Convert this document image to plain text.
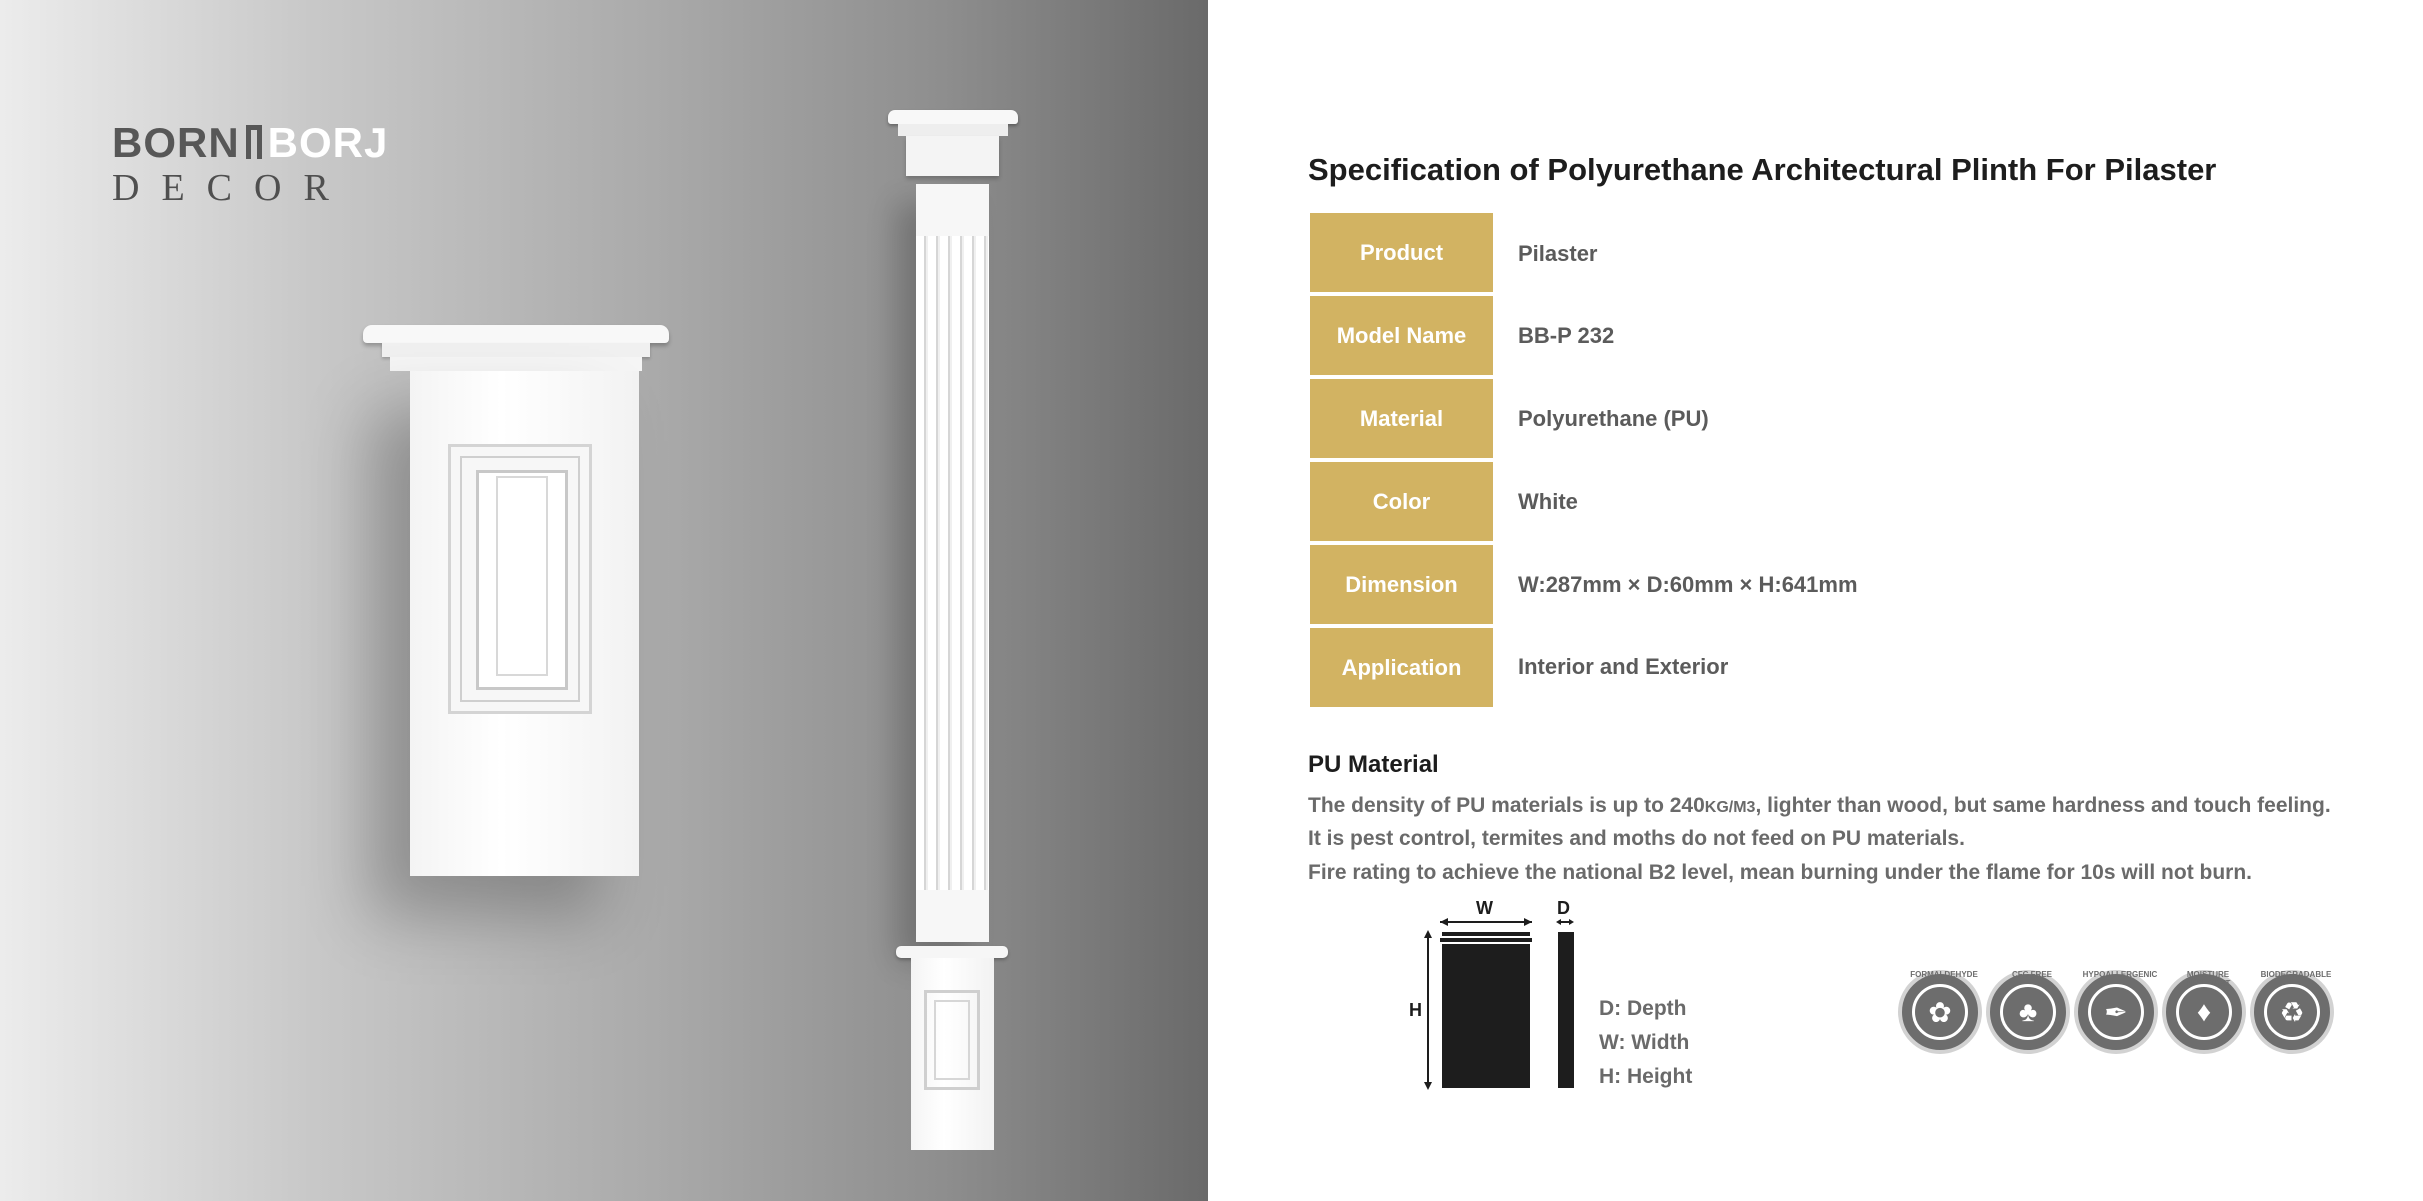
BORN BORJ
DECOR	Specification of Polyurethane Architectural Plinth For Pilaster
Product	Pilaster
Model Name	BB-P 232
Material	Polyurethane (PU)
Color	White
Dimension	W:287mm × D:60mm × H:641mm
Application	Interior and Exterior
PU Material
The density of PU materials is up to 240KG/M3, lighter than wood, but same hardness and touch feeling.
It is pest control, termites and moths do not feed on PU materials.
Fire rating to achieve the national B2 level, mean burning under the flame for 10s will not burn.
W	D
H	D: Depth
W: Width
H: Height
FORMALDEHYDE FREE
✿
CFC FREE
♣
HYPOALLERGENIC
✒
MOISTURE RESISTANT
♦
BIODEGRADABLE
♻
